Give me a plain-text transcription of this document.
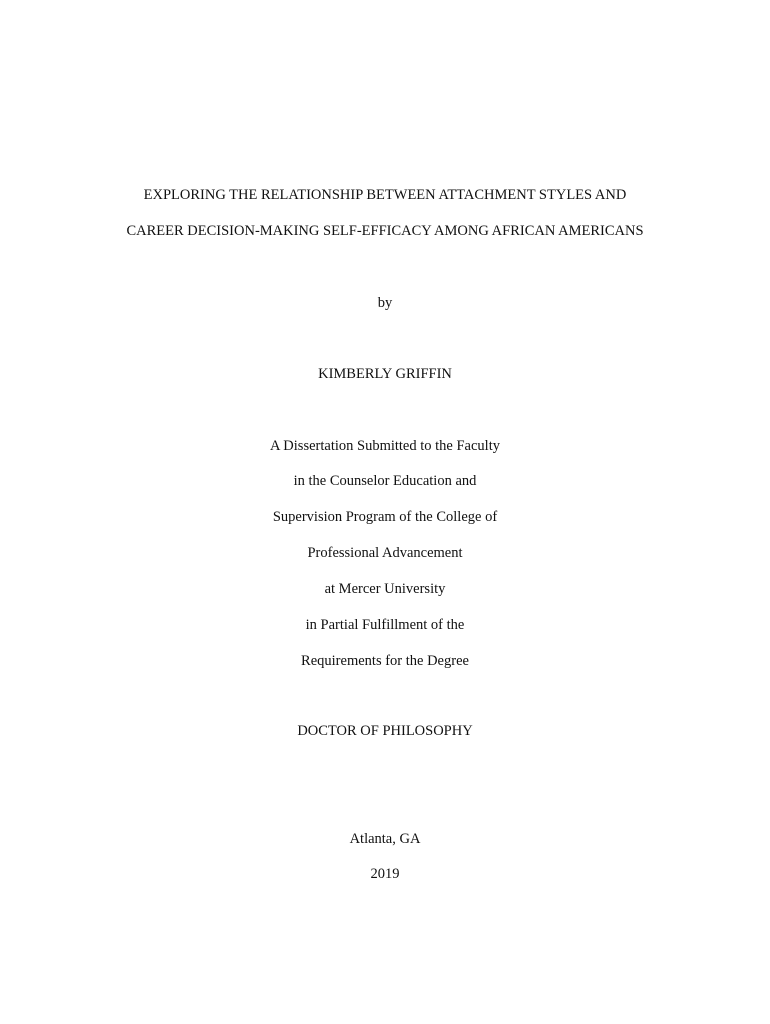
EXPLORING THE RELATIONSHIP BETWEEN ATTACHMENT STYLES AND
CAREER DECISION-MAKING SELF-EFFICACY AMONG AFRICAN AMERICANS
by
KIMBERLY GRIFFIN
A Dissertation Submitted to the Faculty
in the Counselor Education and
Supervision Program of the College of
Professional Advancement
at Mercer University
in Partial Fulfillment of the
Requirements for the Degree
DOCTOR OF PHILOSOPHY
Atlanta, GA
2019
